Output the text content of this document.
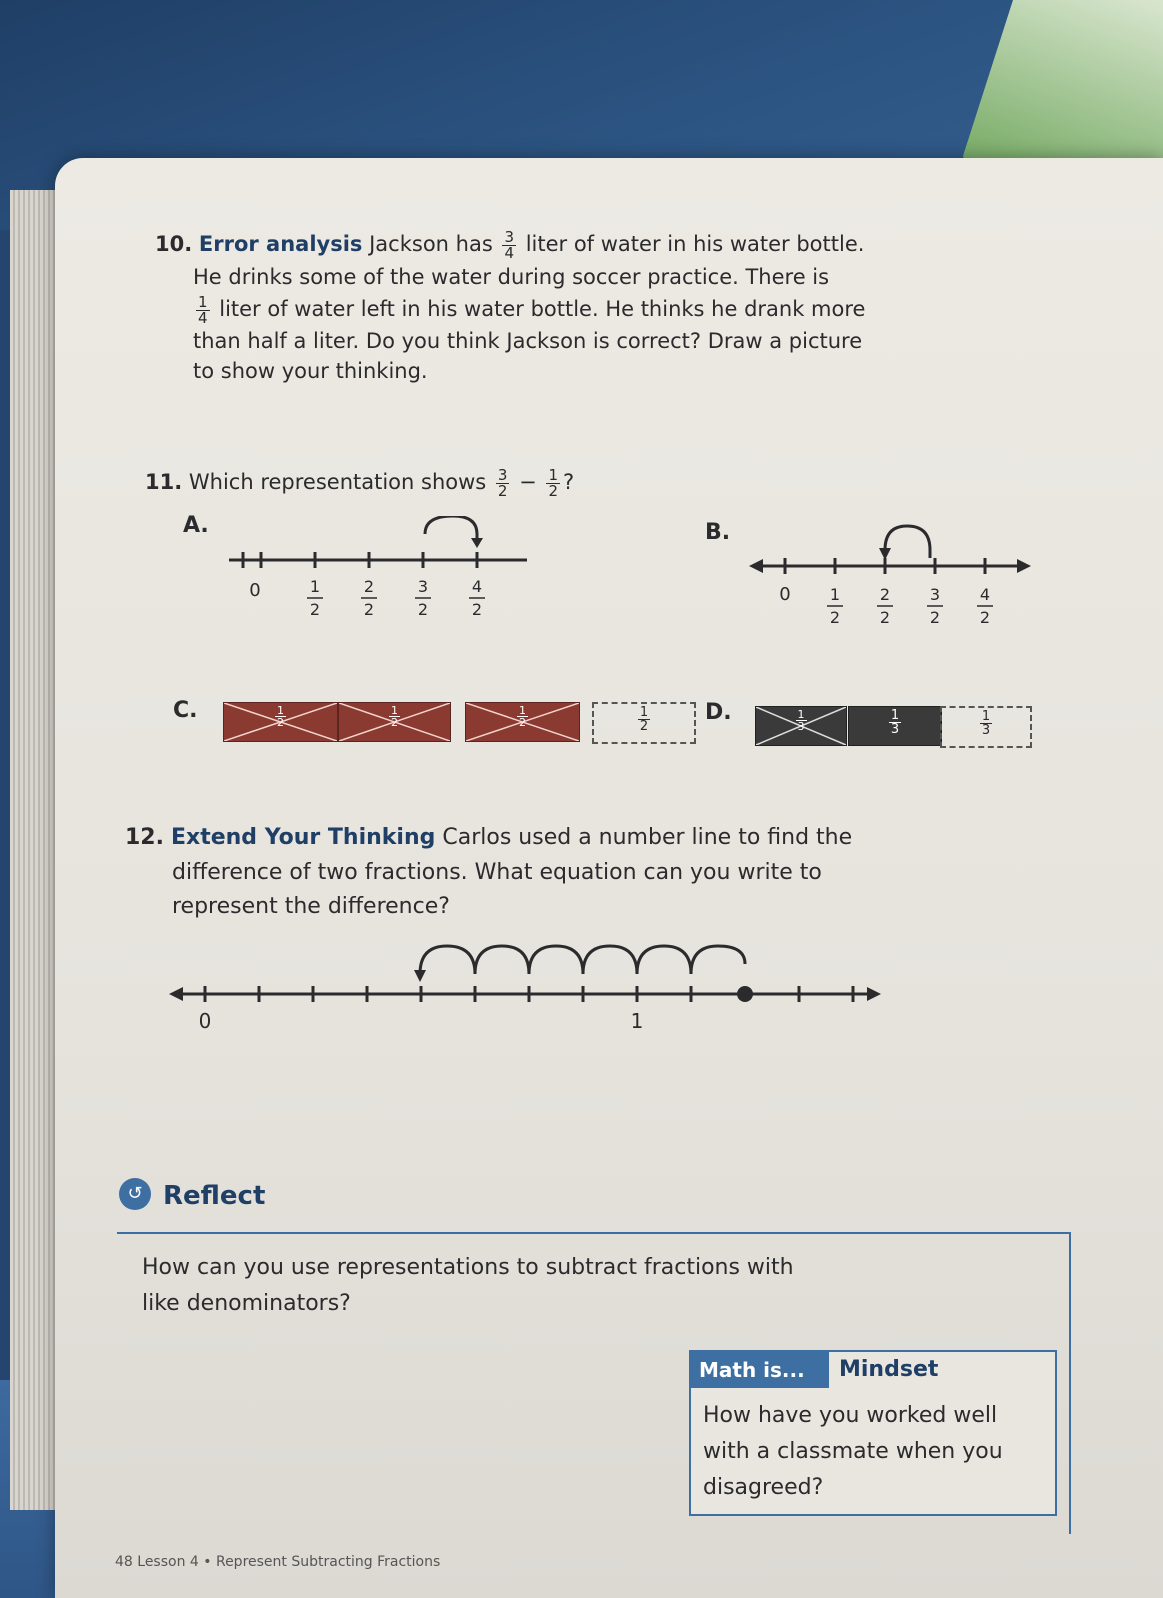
10. Error analysis Jackson has $\frac{3}{4}$ liter of water in his water bottle.
He drinks some of the water during soccer practice. There is
$\frac{1}{4}$ liter of water left in his water bottle. He thinks he drank more
than half a liter. Do you think Jackson is correct? Draw a picture
to show your thinking.
11. Which representation shows $\frac{3}{2} - \frac{1}{2}$ ?
A.	B.
0	1
2
2
2
3
2
4
2
0 1
2
2
2
3
2
4
2
C.	$\frac{1}{2}$	$\frac{1}{2}$	$\frac{1}{2}$	$\frac{1}{2} D$.	$\frac{1}{3}$	$\frac{1}{3}$	$\frac{1}{3}$
12. Extend Your Thinking Carlos used a number line to find the
difference of two fractions. What equation can you write to
represent the difference?
0	1
↺ Reflect
How can you use representations to subtract fractions with
like denominators?
Math is...	Mindset
How have you worked well
with a classmate when you
disagreed?
48 Lesson 4 • Represent Subtracting Fractions
